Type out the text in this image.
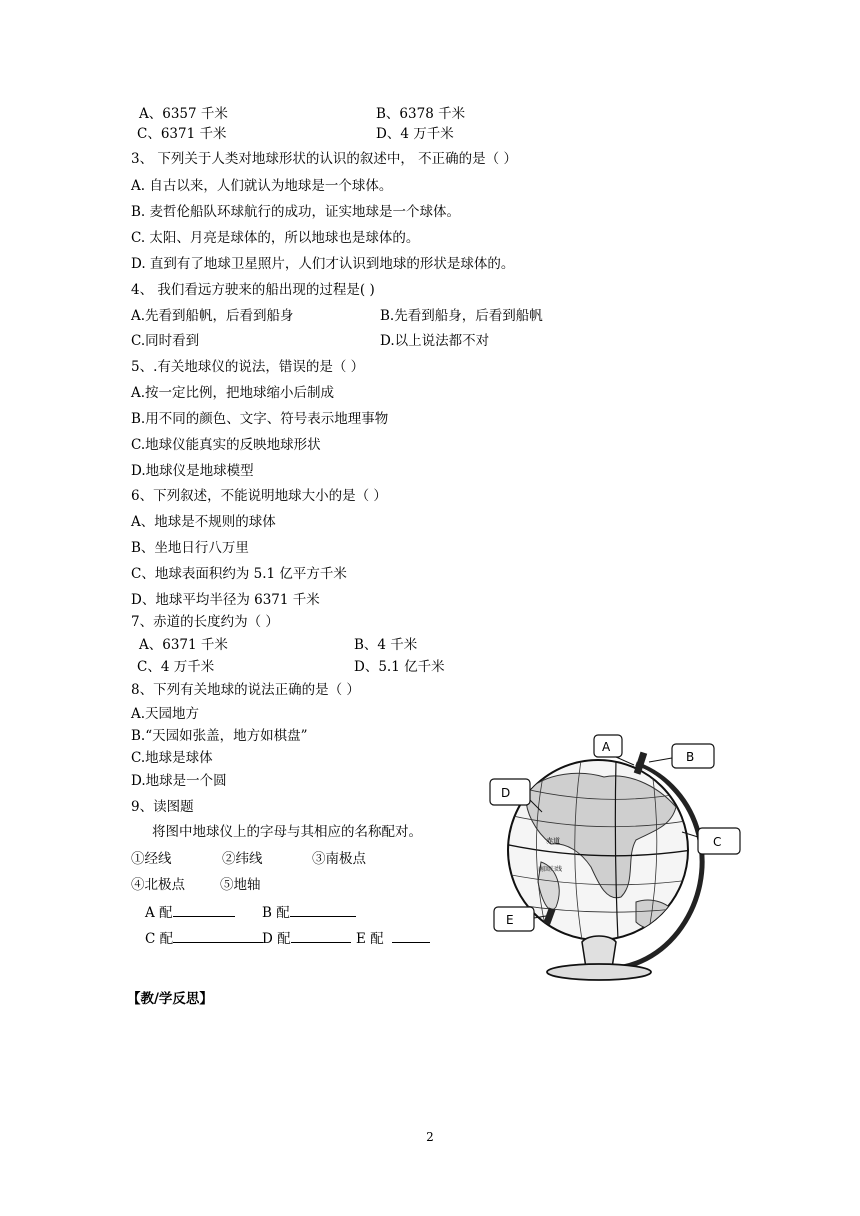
A、6357 千米	B、6378 千米
C、6371 千米	D、4 万千米
3、 下列关于人类对地球形状的认识的叙述中， 不正确的是（ ）
A. 自古以来，人们就认为地球是一个球体。
B. 麦哲伦船队环球航行的成功，证实地球是一个球体。
C. 太阳、月亮是球体的，所以地球也是球体的。
D. 直到有了地球卫星照片，人们才认识到地球的形状是球体的。
4、 我们看远方驶来的船出现的过程是( )
A.先看到船帆，后看到船身	B.先看到船身，后看到船帆
C.同时看到	D.以上说法都不对
5、.有关地球仪的说法，错误的是（ ）
A.按一定比例，把地球缩小后制成
B.用不同的颜色、文字、符号表示地理事物
C.地球仪能真实的反映地球形状
D.地球仪是地球模型
6、下列叙述，不能说明地球大小的是（ ）
A、地球是不规则的球体
B、坐地日行八万里
C、地球表面积约为 5.1 亿平方千米
D、地球平均半径为 6371 千米
7、赤道的长度约为（ ）
A、6371 千米	B、4 千米
C、4 万千米	D、5.1 亿千米
8、下列有关地球的说法正确的是（ ）
A.天园地方
B.“天园如张盖，地方如棋盘”
C.地球是球体
D.地球是一个圆
9、读图题
将图中地球仪上的字母与其相应的名称配对。
①经线	②纬线	③南极点
④北极点	⑤地轴
A 配	B 配
C 配	D 配	E 配
赤道
南回归线
A
B
D
C
E
【教/学反思】
2
